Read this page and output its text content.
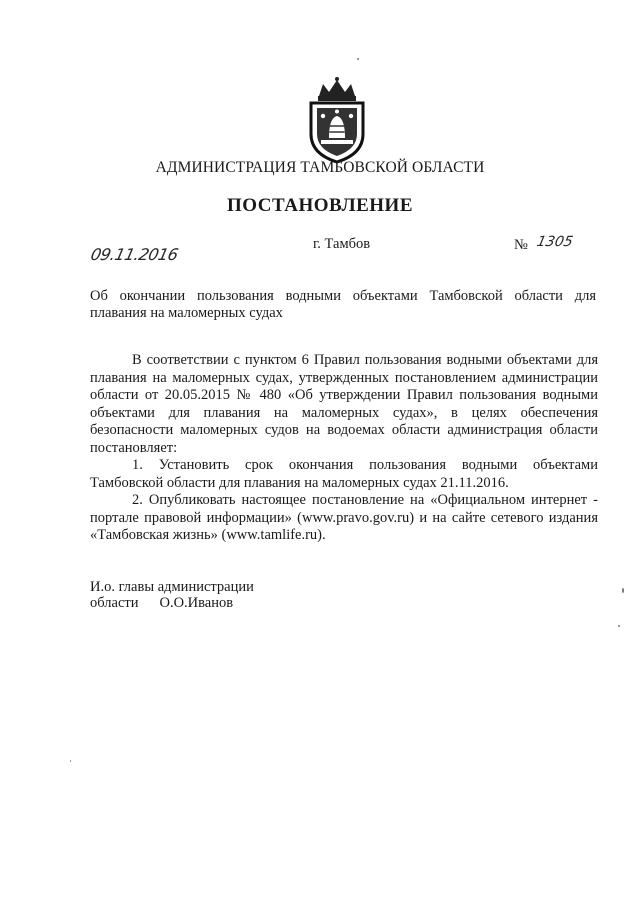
АДМИНИСТРАЦИЯ ТАМБОВСКОЙ ОБЛАСТИ
ПОСТАНОВЛЕНИЕ
09.11.2016
г. Тамбов	№ 1305
Об окончании пользования водными объектами Тамбовской области для
плавания на маломерных судах

В соответствии с пунктом 6 Правил пользования водными объектами для плавания на маломерных судах, утвержденных постановлением администрации области от 20.05.2015 № 480 «Об утверждении Правил пользования водными объектами для плавания на маломерных судах», в целях обеспечения безопасности маломерных судов на водоемах области администрация области постановляет:

1. Установить срок окончания пользования водными объектами Тамбовской области для плавания на маломерных судах 21.11.2016.

2. Опубликовать настоящее постановление на «Официальном интернет - портале правовой информации» (www.pravo.gov.ru) и на сайте сетевого издания «Тамбовская жизнь» (www.tamlife.ru).

И.о. главы администрации
области О.О.Иванов
